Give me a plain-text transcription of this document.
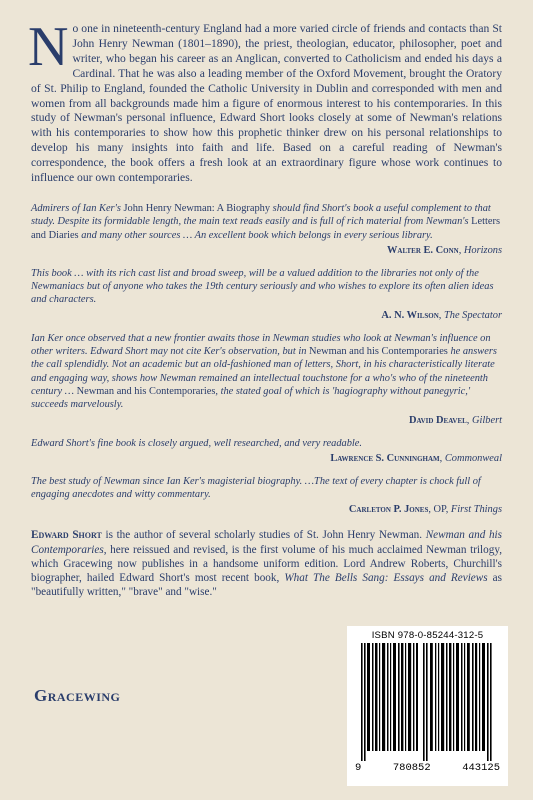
No one in nineteenth-century England had a more varied circle of friends and contacts than St John Henry Newman (1801–1890), the priest, theologian, educator, philosopher, poet and writer, who began his career as an Anglican, converted to Catholicism and ended his days a Cardinal. That he was also a leading member of the Oxford Movement, brought the Oratory of St. Philip to England, founded the Catholic University in Dublin and corresponded with men and women from all backgrounds made him a figure of enormous interest to his contemporaries. In this study of Newman's personal influence, Edward Short looks closely at some of Newman's relations with his contemporaries to show how this prophetic thinker drew on his personal relationships to develop his many insights into faith and life. Based on a careful reading of Newman's correspondence, the book offers a fresh look at an extraordinary figure whose work continues to influence our own contemporaries.

Admirers of Ian Ker's John Henry Newman: A Biography should find Short's book a useful complement to that study. Despite its formidable length, the main text reads easily and is full of rich material from Newman's Letters and Diaries and many other sources … An excellent book which belongs in every serious library.

Walter E. Conn, Horizons

This book … with its rich cast list and broad sweep, will be a valued addition to the libraries not only of the Newmaniacs but of anyone who takes the 19th century seriously and who wishes to explore its often alien ideas and characters.

A. N. Wilson, The Spectator

Ian Ker once observed that a new frontier awaits those in Newman studies who look at Newman's influence on other writers. Edward Short may not cite Ker's observation, but in Newman and his Contemporaries he answers the call splendidly. Not an academic but an old-fashioned man of letters, Short, in his characteristically literate and engaging way, shows how Newman remained an intellectual touchstone for a who's who of the nineteenth century … Newman and his Contemporaries, the stated goal of which is 'hagiography without panegyric,' succeeds marvelously.

David Deavel, Gilbert

Edward Short's fine book is closely argued, well researched, and very readable.

Lawrence S. Cunningham, Commonweal

The best study of Newman since Ian Ker's magisterial biography. …The text of every chapter is chock full of engaging anecdotes and witty commentary.

Carleton P. Jones, OP, First Things

Edward Short is the author of several scholarly studies of St. John Henry Newman. Newman and his Contemporaries, here reissued and revised, is the first volume of his much acclaimed Newman trilogy, which Gracewing now publishes in a handsome uniform edition. Lord Andrew Roberts, Churchill's biographer, hailed Edward Short's most recent book, What The Bells Sang: Essays and Reviews as "beautifully written," "brave" and "wise."

Gracewing

ISBN 978-0-85244-312-5

9	780852	443125
